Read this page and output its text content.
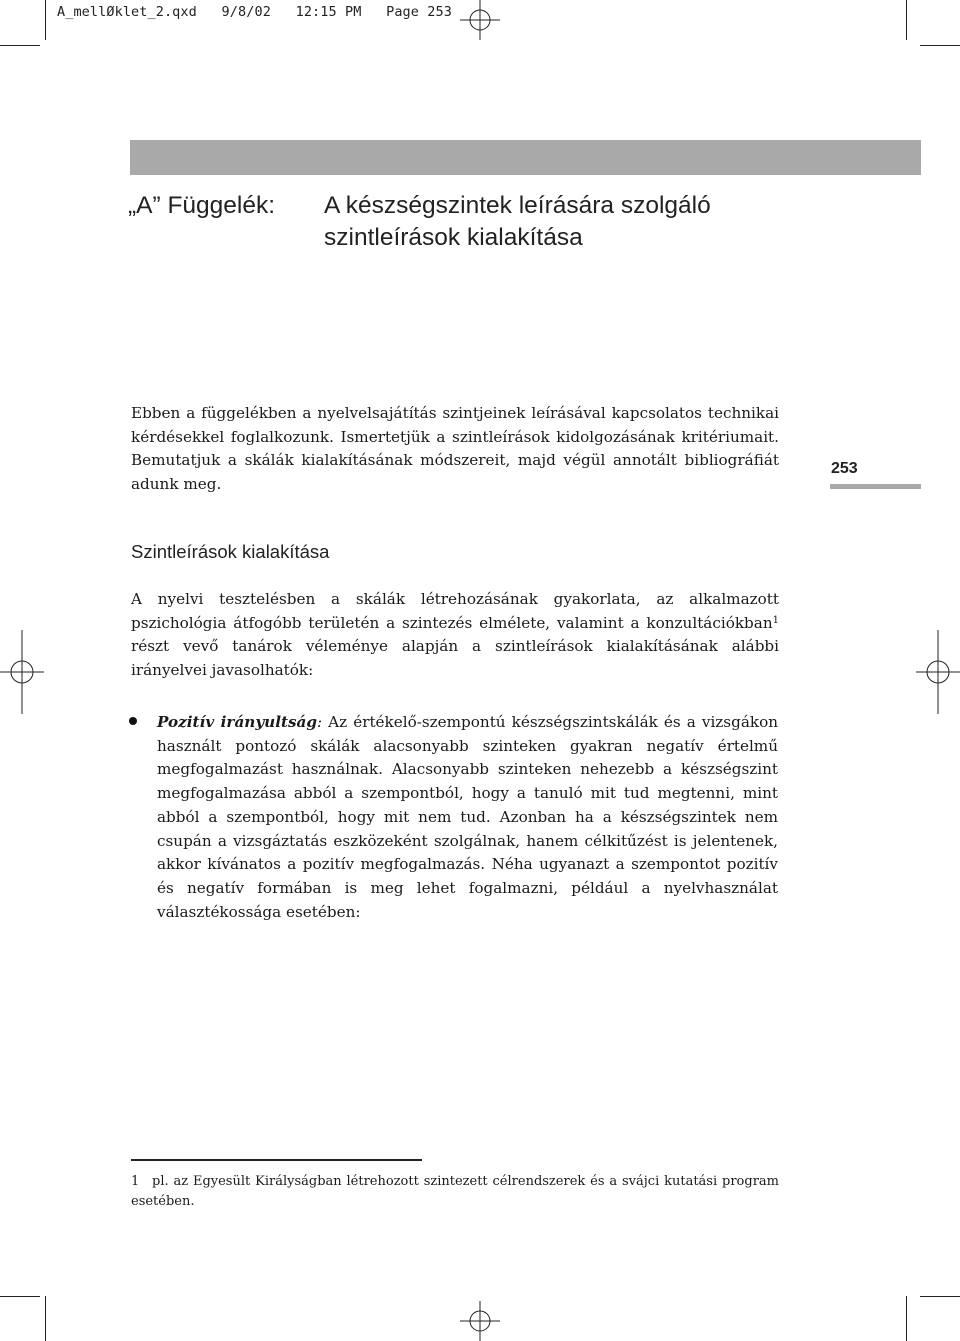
A_mellØklet_2.qxd   9/8/02   12:15 PM   Page 253
„A” Függelék: A készségszintek leírására szolgáló szintleírások kialakítása
Ebben a függelékben a nyelvelsajátítás szintjeinek leírásával kapcsolatos technikai kérdésekkel foglalkozunk. Ismertetjük a szintleírások kidolgozásának kritériumait. Bemutatjuk a skálák kialakításának módszereit, majd végül annotált bibliográfiát adunk meg.
253
Szintleírások kialakítása
A nyelvi tesztelésben a skálák létrehozásának gyakorlata, az alkalmazott pszichológia átfogóbb területén a szintezés elmélete, valamint a konzultációkban$^1$ részt vevő tanárok véleménye alapján a szintleírások kialakításának alábbi irányelvei javasolhatók:
Pozitív irányultság: Az értékelő-szempontú készségszintskálák és a vizsgákon használt pontozó skálák alacsonyabb szinteken gyakran negatív értelmű megfogalmazást használnak. Alacsonyabb szinteken nehezebb a készségszint megfogalmazása abból a szempontból, hogy a tanuló mit tud megtenni, mint abból a szempontból, hogy mit nem tud. Azonban ha a készségszintek nem csupán a vizsgáztatás eszközeként szolgálnak, hanem célkitűzést is jelentenek, akkor kívánatos a pozitív megfogalmazás. Néha ugyanazt a szempontot pozitív és negatív formában is meg lehet fogalmazni, például a nyelvhasználat választékossága esetében:
1 pl. az Egyesült Királyságban létrehozott szintezett célrendszerek és a svájci kutatási program esetében.
